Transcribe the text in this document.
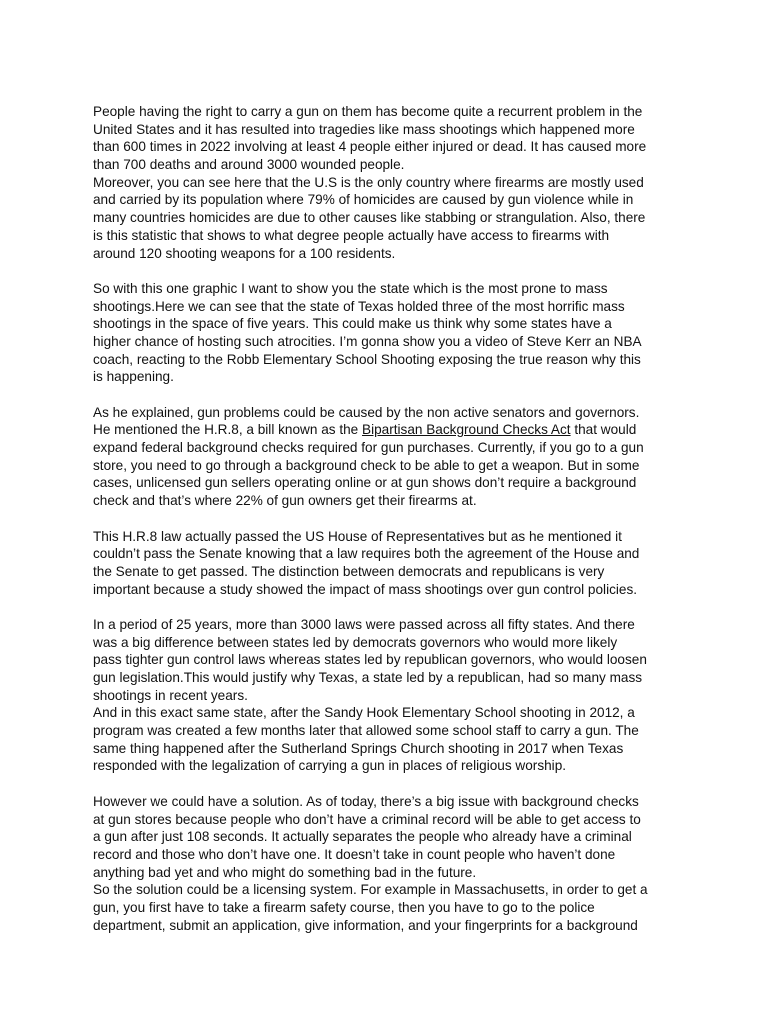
People having the right to carry a gun on them has become quite a recurrent problem in the
United States and it has resulted into tragedies like mass shootings which happened more
than 600 times in 2022 involving at least 4 people either injured or dead. It has caused more
than 700 deaths and around 3000 wounded people.
Moreover, you can see here that the U.S is the only country where firearms are mostly used
and carried by its population where 79% of homicides are caused by gun violence while in
many countries homicides are due to other causes like stabbing or strangulation. Also, there
is this statistic that shows to what degree people actually have access to firearms with
around 120 shooting weapons for a 100 residents.
So with this one graphic I want to show you the state which is the most prone to mass
shootings.Here we can see that the state of Texas holded three of the most horrific mass
shootings in the space of five years. This could make us think why some states have a
higher chance of hosting such atrocities. I’m gonna show you a video of Steve Kerr an NBA
coach, reacting to the Robb Elementary School Shooting exposing the true reason why this
is happening.
As he explained, gun problems could be caused by the non active senators and governors.
He mentioned the H.R.8, a bill known as the Bipartisan Background Checks Act that would
expand federal background checks required for gun purchases. Currently, if you go to a gun
store, you need to go through a background check to be able to get a weapon. But in some
cases, unlicensed gun sellers operating online or at gun shows don’t require a background
check and that’s where 22% of gun owners get their firearms at.
This H.R.8 law actually passed the US House of Representatives but as he mentioned it
couldn’t pass the Senate knowing that a law requires both the agreement of the House and
the Senate to get passed. The distinction between democrats and republicans is very
important because a study showed the impact of mass shootings over gun control policies.
In a period of 25 years, more than 3000 laws were passed across all fifty states. And there
was a big difference between states led by democrats governors who would more likely
pass tighter gun control laws whereas states led by republican governors, who would loosen
gun legislation.This would justify why Texas, a state led by a republican, had so many mass
shootings in recent years.
And in this exact same state, after the Sandy Hook Elementary School shooting in 2012, a
program was created a few months later that allowed some school staff to carry a gun. The
same thing happened after the Sutherland Springs Church shooting in 2017 when Texas
responded with the legalization of carrying a gun in places of religious worship.
However we could have a solution. As of today, there’s a big issue with background checks
at gun stores because people who don’t have a criminal record will be able to get access to
a gun after just 108 seconds. It actually separates the people who already have a criminal
record and those who don’t have one. It doesn’t take in count people who haven’t done
anything bad yet and who might do something bad in the future.
So the solution could be a licensing system. For example in Massachusetts, in order to get a
gun, you first have to take a firearm safety course, then you have to go to the police
department, submit an application, give information, and your fingerprints for a background
